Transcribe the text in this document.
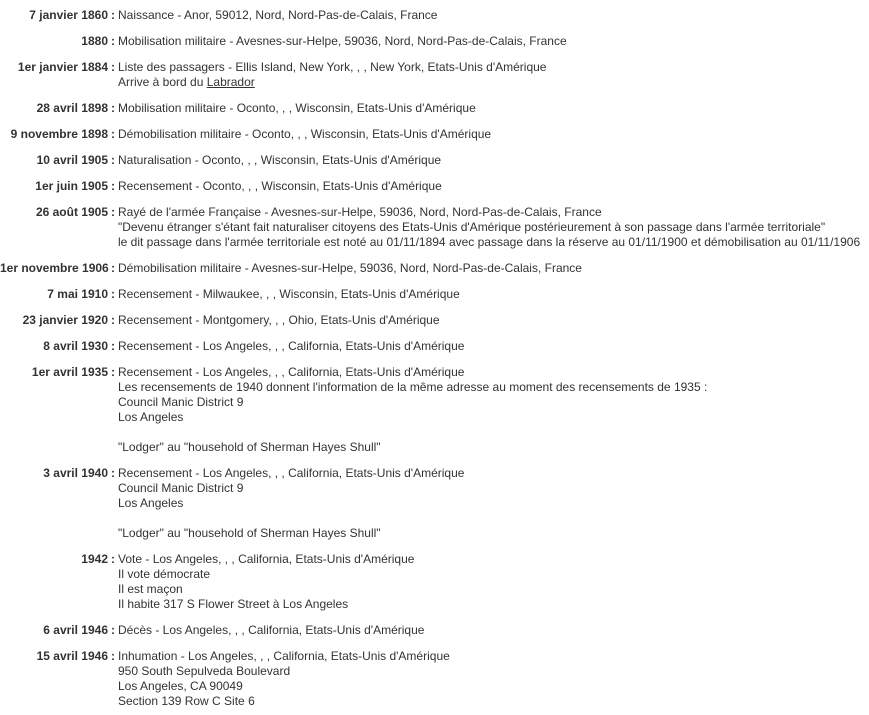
7 janvier 1860 : Naissance - Anor, 59012, Nord, Nord-Pas-de-Calais, France
1880 : Mobilisation militaire - Avesnes-sur-Helpe, 59036, Nord, Nord-Pas-de-Calais, France
1er janvier 1884 : Liste des passagers - Ellis Island, New York, , , New York, Etats-Unis d'Amérique
Arrive à bord du Labrador
28 avril 1898 : Mobilisation militaire - Oconto, , , Wisconsin, Etats-Unis d'Amérique
9 novembre 1898 : Démobilisation militaire - Oconto, , , Wisconsin, Etats-Unis d'Amérique
10 avril 1905 : Naturalisation - Oconto, , , Wisconsin, Etats-Unis d'Amérique
1er juin 1905 : Recensement - Oconto, , , Wisconsin, Etats-Unis d'Amérique
26 août 1905 : Rayé de l'armée Française - Avesnes-sur-Helpe, 59036, Nord, Nord-Pas-de-Calais, France
"Devenu étranger s'étant fait naturaliser citoyens des Etats-Unis d'Amérique postérieurement à son passage dans l'armée territoriale"
le dit passage dans l'armée territoriale est noté au 01/11/1894 avec passage dans la réserve au 01/11/1900 et démobilisation au 01/11/1906
1er novembre 1906 : Démobilisation militaire - Avesnes-sur-Helpe, 59036, Nord, Nord-Pas-de-Calais, France
7 mai 1910 : Recensement - Milwaukee, , , Wisconsin, Etats-Unis d'Amérique
23 janvier 1920 : Recensement - Montgomery, , , Ohio, Etats-Unis d'Amérique
8 avril 1930 : Recensement - Los Angeles, , , California, Etats-Unis d'Amérique
1er avril 1935 : Recensement - Los Angeles, , , California, Etats-Unis d'Amérique
Les recensements de 1940 donnent l'information de la même adresse au moment des recensements de 1935 :
Council Manic District 9
Los Angeles

"Lodger" au "household of Sherman Hayes Shull"
3 avril 1940 : Recensement - Los Angeles, , , California, Etats-Unis d'Amérique
Council Manic District 9
Los Angeles

"Lodger" au "household of Sherman Hayes Shull"
1942 : Vote - Los Angeles, , , California, Etats-Unis d'Amérique
Il vote démocrate
Il est maçon
Il habite 317 S Flower Street à Los Angeles
6 avril 1946 : Décès - Los Angeles, , , California, Etats-Unis d'Amérique
15 avril 1946 : Inhumation - Los Angeles, , , California, Etats-Unis d'Amérique
950 South Sepulveda Boulevard
Los Angeles, CA 90049
Section 139 Row C Site 6
